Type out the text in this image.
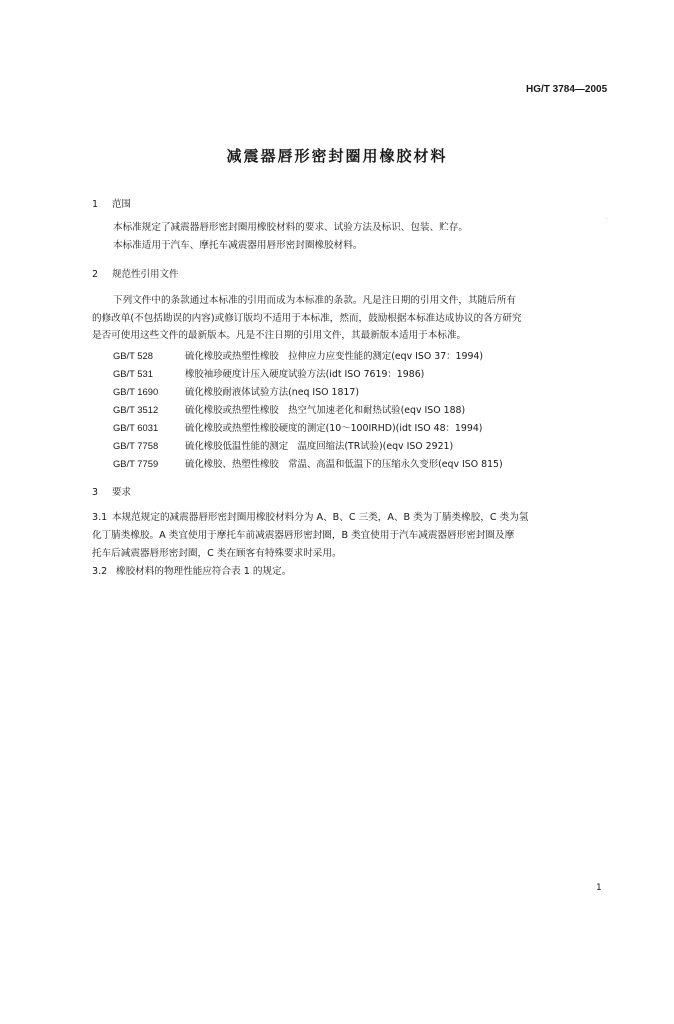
HG/T 3784—2005
减震器唇形密封圈用橡胶材料
1 范围
本标准规定了减震器唇形密封圈用橡胶材料的要求、试验方法及标识、包装、贮存。
本标准适用于汽车、摩托车减震器用唇形密封圈橡胶材料。
·
2 规范性引用文件
下列文件中的条款通过本标准的引用而成为本标准的条款。凡是注日期的引用文件，其随后所有
的修改单(不包括勘误的内容)或修订版均不适用于本标准，然而，鼓励根据本标准达成协议的各方研究
是否可使用这些文件的最新版本。凡是不注日期的引用文件，其最新版本适用于本标准。
GB/T 528	硫化橡胶或热塑性橡胶　拉伸应力应变性能的测定(eqv ISO 37：1994)
GB/T 531	橡胶袖珍硬度计压入硬度试验方法(idt ISO 7619：1986)
GB/T 1690	硫化橡胶耐液体试验方法(neq ISO 1817)
GB/T 3512	硫化橡胶或热塑性橡胶　热空气加速老化和耐热试验(eqv ISO 188)
GB/T 6031	硫化橡胶或热塑性橡胶硬度的测定(10～100IRHD)(idt ISO 48：1994)
GB/T 7758	硫化橡胶低温性能的测定　温度回缩法(TR试验)(eqv ISO 2921)
GB/T 7759	硫化橡胶、热塑性橡胶　常温、高温和低温下的压缩永久变形(eqv ISO 815)
3 要求
3.1 本规范规定的减震器唇形密封圈用橡胶材料分为 A、B、C 三类，A、B 类为丁腈类橡胶，C 类为氢
化丁腈类橡胶。A 类宜使用于摩托车前减震器唇形密封圈，B 类宜使用于汽车减震器唇形密封圈及摩
托车后减震器唇形密封圈，C 类在顾客有特殊要求时采用。
3.2 橡胶材料的物理性能应符合表 1 的规定。
1
